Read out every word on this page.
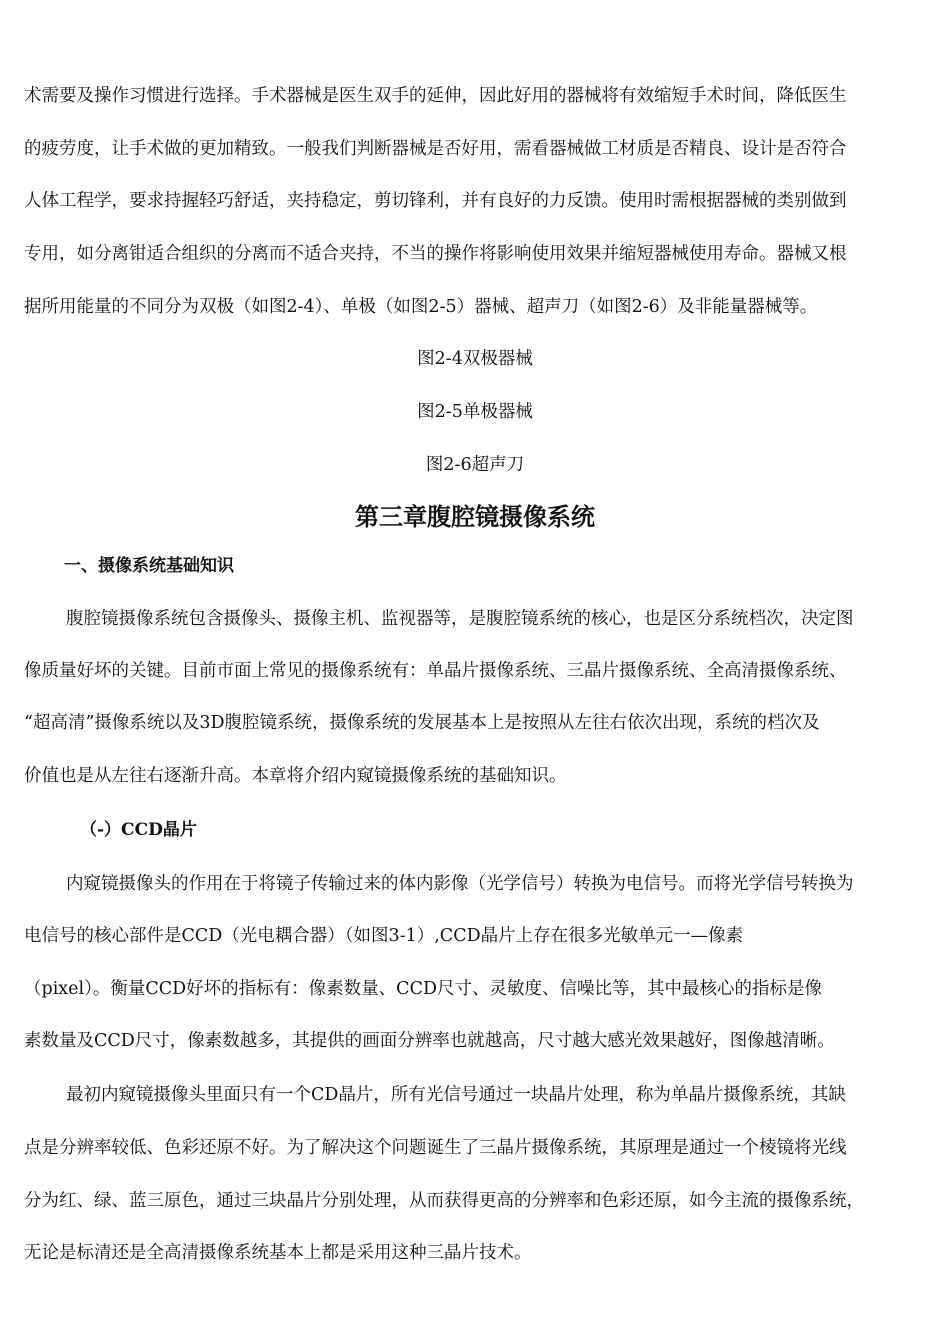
术需要及操作习惯进行选择。手术器械是医生双手的延伸，因此好用的器械将有效缩短手术时间，降低医生
的疲劳度，让手术做的更加精致。一般我们判断器械是否好用，需看器械做工材质是否精良、设计是否符合
人体工程学，要求持握轻巧舒适，夹持稳定，剪切锋利，并有良好的力反馈。使用时需根据器械的类别做到
专用，如分离钳适合组织的分离而不适合夹持，不当的操作将影响使用效果并缩短器械使用寿命。器械又根
据所用能量的不同分为双极（如图2-4）、单极（如图2-5）器械、超声刀（如图2-6）及非能量器械等。
图2-4双极器械
图2-5单极器械
图2-6超声刀
第三章腹腔镜摄像系统
一、摄像系统基础知识
腹腔镜摄像系统包含摄像头、摄像主机、监视器等，是腹腔镜系统的核心，也是区分系统档次，决定图
像质量好坏的关键。目前市面上常见的摄像系统有：单晶片摄像系统、三晶片摄像系统、全高清摄像系统、
“超高清”摄像系统以及3D腹腔镜系统，摄像系统的发展基本上是按照从左往右依次出现，系统的档次及
价值也是从左往右逐渐升高。本章将介绍内窥镜摄像系统的基础知识。
（-）CCD晶片
内窥镜摄像头的作用在于将镜子传输过来的体内影像（光学信号）转换为电信号。而将光学信号转换为
电信号的核心部件是CCD（光电耦合器）（如图3-1）,CCD晶片上存在很多光敏单元一—像素
（pixel）。衡量CCD好坏的指标有：像素数量、CCD尺寸、灵敏度、信噪比等，其中最核心的指标是像
素数量及CCD尺寸，像素数越多，其提供的画面分辨率也就越高，尺寸越大感光效果越好，图像越清晰。
最初内窥镜摄像头里面只有一个CD晶片，所有光信号通过一块晶片处理，称为单晶片摄像系统，其缺
点是分辨率较低、色彩还原不好。为了解决这个问题诞生了三晶片摄像系统，其原理是通过一个棱镜将光线
分为红、绿、蓝三原色，通过三块晶片分别处理，从而获得更高的分辨率和色彩还原，如今主流的摄像系统，
无论是标清还是全高清摄像系统基本上都是采用这种三晶片技术。
